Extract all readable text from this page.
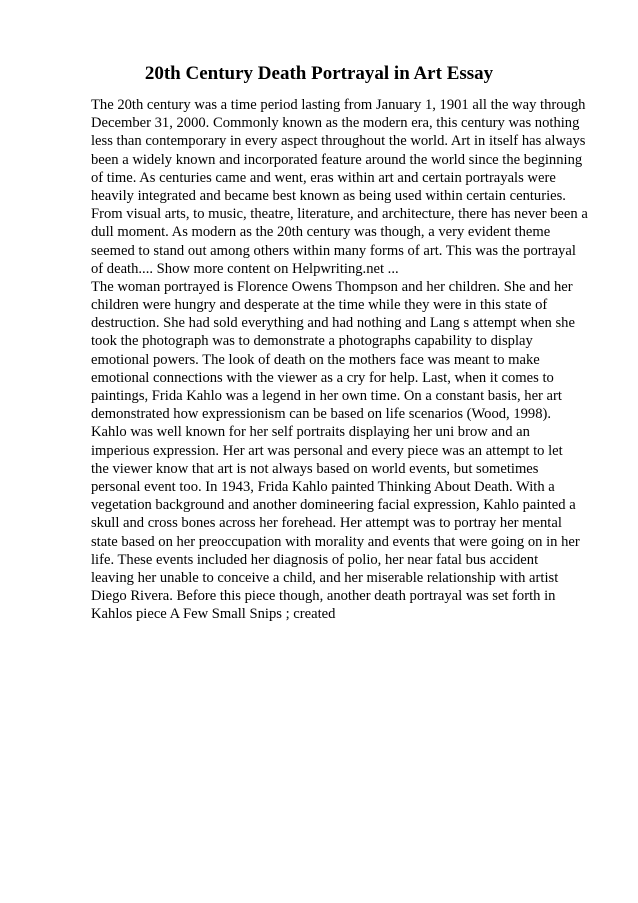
20th Century Death Portrayal in Art Essay
The 20th century was a time period lasting from January 1, 1901 all the way through
December 31, 2000. Commonly known as the modern era, this century was nothing
less than contemporary in every aspect throughout the world. Art in itself has always
been a widely known and incorporated feature around the world since the beginning
of time. As centuries came and went, eras within art and certain portrayals were
heavily integrated and became best known as being used within certain centuries.
From visual arts, to music, theatre, literature, and architecture, there has never been a
dull moment. As modern as the 20th century was though, a very evident theme
seemed to stand out among others within many forms of art. This was the portrayal
of death.... Show more content on Helpwriting.net ...
The woman portrayed is Florence Owens Thompson and her children. She and her
children were hungry and desperate at the time while they were in this state of
destruction. She had sold everything and had nothing and Lang s attempt when she
took the photograph was to demonstrate a photographs capability to display
emotional powers. The look of death on the mothers face was meant to make
emotional connections with the viewer as a cry for help. Last, when it comes to
paintings, Frida Kahlo was a legend in her own time. On a constant basis, her art
demonstrated how expressionism can be based on life scenarios (Wood, 1998).
Kahlo was well known for her self portraits displaying her uni brow and an
imperious expression. Her art was personal and every piece was an attempt to let
the viewer know that art is not always based on world events, but sometimes
personal event too. In 1943, Frida Kahlo painted Thinking About Death. With a
vegetation background and another domineering facial expression, Kahlo painted a
skull and cross bones across her forehead. Her attempt was to portray her mental
state based on her preoccupation with morality and events that were going on in her
life. These events included her diagnosis of polio, her near fatal bus accident
leaving her unable to conceive a child, and her miserable relationship with artist
Diego Rivera. Before this piece though, another death portrayal was set forth in
Kahlos piece A Few Small Snips ; created
